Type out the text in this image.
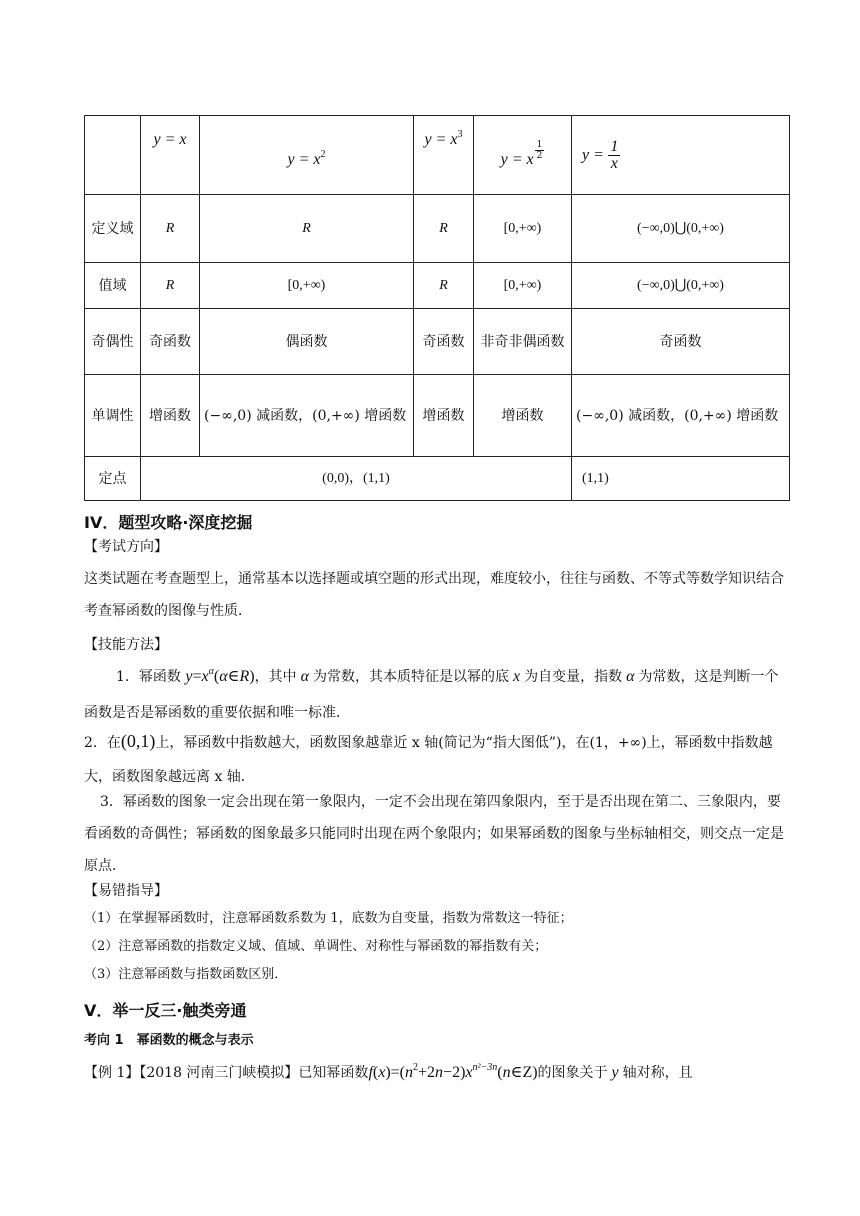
	y = x	$y = x^2$	$y = x^3$	y = x $\frac{1}{2}$	$y = \frac{1}{x}$

定义域	R	R	R	[0,+∞)	(−∞,0)⋃(0,+∞)
值域	R	[0,+∞)	R	[0,+∞)	(−∞,0)⋃(0,+∞)
奇偶性	奇函数	偶函数	奇函数	非奇非偶函数	奇函数
单调性	增函数	(−∞,0) 减函数，(0,+∞) 增函数	增函数	增函数	(−∞,0) 减函数，(0,+∞) 增函数
定点	(0,0)，(1,1)				(1,1)
IV．题型攻略·深度挖掘
【考试方向】
这类试题在考查题型上，通常基本以选择题或填空题的形式出现，难度较小，往往与函数、不等式等数学知识结合考查幂函数的图像与性质．
【技能方法】
1．幂函数 $y=x^\alpha(\alpha\in R)$，其中 α 为常数，其本质特征是以幂的底 x 为自变量，指数 α 为常数，这是判断一个函数是否是幂函数的重要依据和唯一标准．
2．在(0,1)上，幂函数中指数越大，函数图象越靠近 x 轴(简记为“指大图低”)，在(1，+∞)上，幂函数中指数越大，函数图象越远离 x 轴．
3．幂函数的图象一定会出现在第一象限内，一定不会出现在第四象限内，至于是否出现在第二、三象限内，要看函数的奇偶性；幂函数的图象最多只能同时出现在两个象限内；如果幂函数的图象与坐标轴相交，则交点一定是原点．
【易错指导】
（1）在掌握幂函数时，注意幂函数系数为 1，底数为自变量，指数为常数这一特征；
（2）注意幂函数的指数定义域、值域、单调性、对称性与幂函数的幂指数有关；
（3）注意幂函数与指数函数区别．
V．举一反三·触类旁通
考向 1　幂函数的概念与表示
【例 1】【2018 河南三门峡模拟】已知幂函数$f(x)=(n^2+2n-2)x^{n^2-3n}(n\in Z)$的图象关于 y 轴对称，且
